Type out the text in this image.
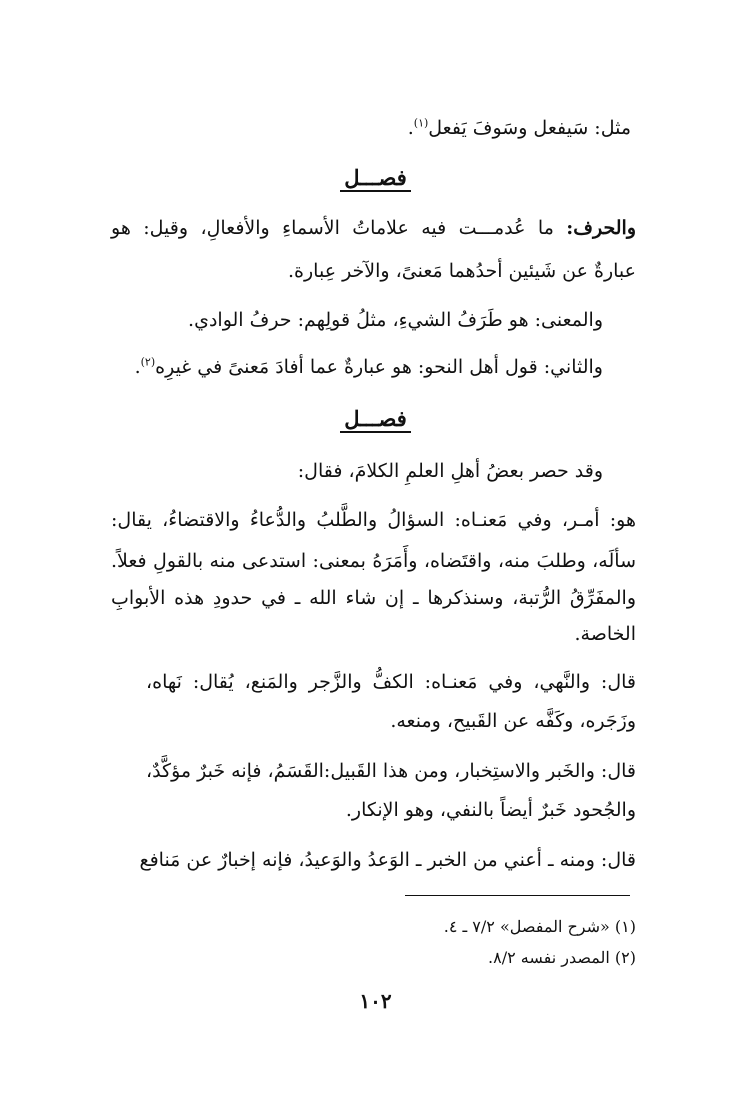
مثل: سَيفعل وسَوفَ يَفعل$^{(١)}$.
فصـــل
والحرف: ما عُدمـــت فيه علاماتُ الأسماءِ والأفعالِ، وقيل: هو
عبارةٌ عن شَيئين أحدُهما مَعنىً، والآخر عِبارة.
والمعنى: هو طَرَفُ الشيءِ، مثلُ قولِهم: حرفُ الوادي.
والثاني: قول أهل النحو: هو عبارةٌ عما أفادَ مَعنىً في غيرِه$^{(٢)}$.
فصـــل
وقد حصر بعضُ أهلِ العلمِ الكلامَ، فقال:
هو: أمـر، وفي مَعنـاه: السؤالُ والطَّلبُ والدُّعاءُ والاقتضاءُ، يقال:
سألَه، وطلبَ منه، واقتَضاه، وأَمَرَهُ بمعنى: استدعى منه بالقولِ فعلاً.
والمفَرِّقُ الرُّتبة، وسنذكرها ـ إن شاء الله ـ في حدودِ هذه الأبوابِ
الخاصة.
قال: والنَّهي، وفي مَعنـاه: الكفُّ والزَّجر والمَنع، يُقال: نَهاه،
وزَجَره، وكَفَّه عن القَبيح، ومنعه.
قال: والخَبر والاستِخبار، ومن هذا القَبيل:القَسَمُ، فإنه خَبرٌ مؤكَّدٌ،
والجُحود خَبرٌ أيضاً بالنفي، وهو الإنكار.
قال: ومنه ـ أعني من الخبر ـ الوَعدُ والوَعيدُ، فإنه إخبارٌ عن مَنافع
(١) «شرح المفصل» ٧/٢ ـ ٤.
(٢) المصدر نفسه ٨/٢.
١٠٢
